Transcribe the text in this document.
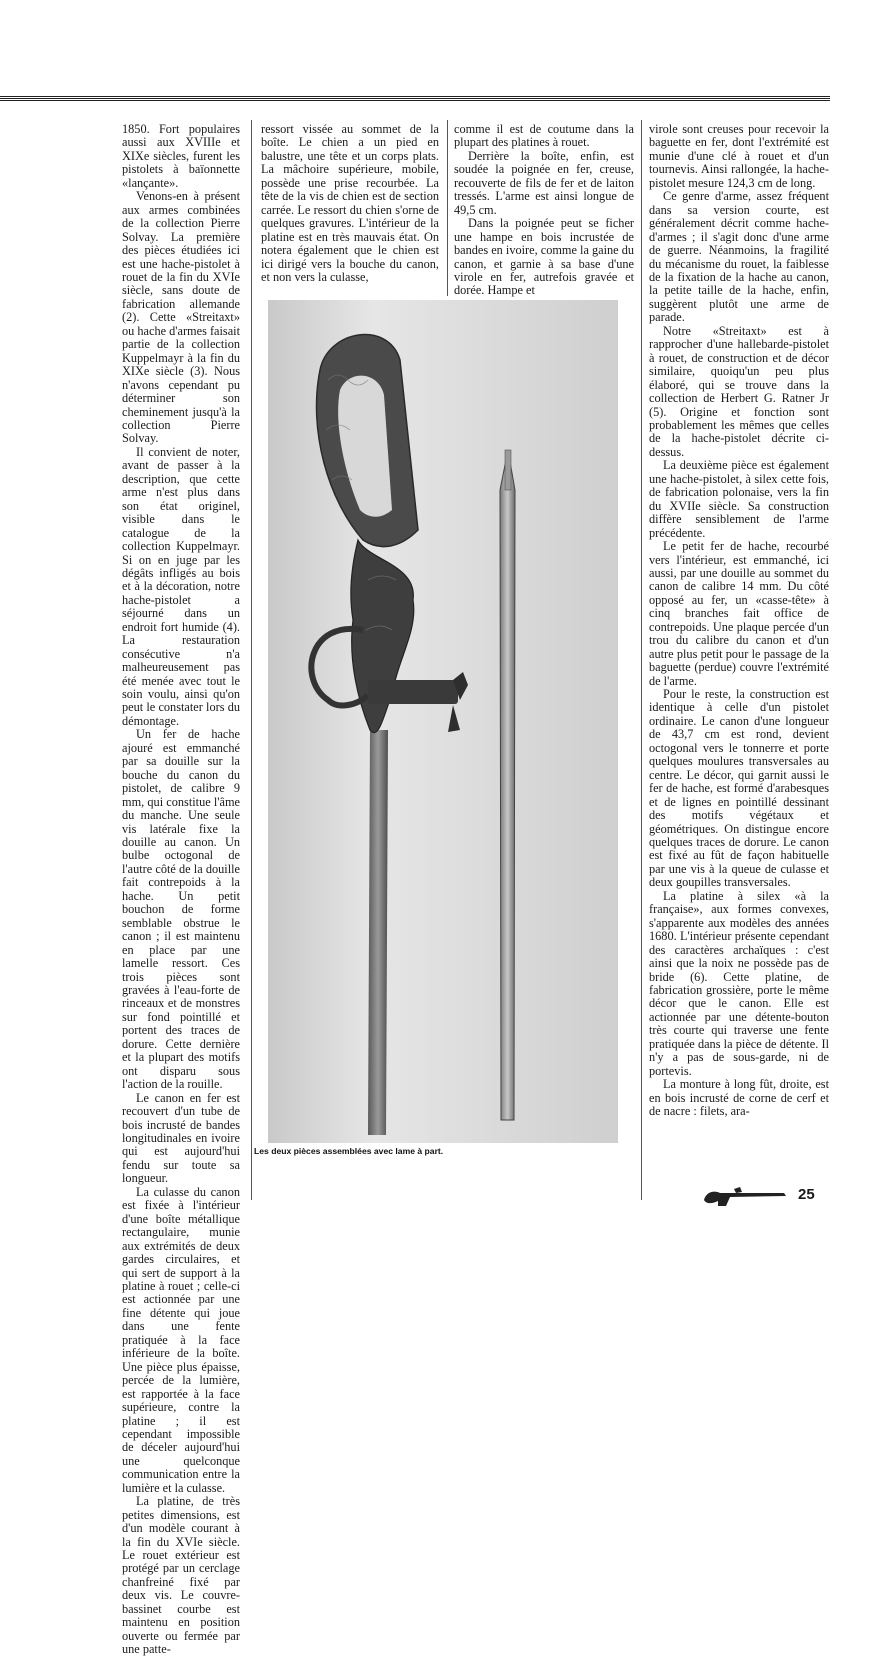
1850. Fort populaires aussi aux XVIIIe et XIXe siècles, furent les pistolets à baïonnette «lançante».

Venons-en à présent aux armes combinées de la collection Pierre Solvay. La première des pièces étudiées ici est une hache-pistolet à rouet de la fin du XVIe siècle, sans doute de fabrication allemande (2). Cette «Streitaxt» ou hache d'armes faisait partie de la collection Kuppelmayr à la fin du XIXe siècle (3). Nous n'avons cependant pu déterminer son cheminement jusqu'à la collection Pierre Solvay.

Il convient de noter, avant de passer à la description, que cette arme n'est plus dans son état originel, visible dans le catalogue de la collection Kuppelmayr. Si on en juge par les dégâts infligés au bois et à la décoration, notre hache-pistolet a séjourné dans un endroit fort humide (4). La restauration consécutive n'a malheureusement pas été menée avec tout le soin voulu, ainsi qu'on peut le constater lors du démontage.

Un fer de hache ajouré est emmanché par sa douille sur la bouche du canon du pistolet, de calibre 9 mm, qui constitue l'âme du manche. Une seule vis latérale fixe la douille au canon. Un bulbe octogonal de l'autre côté de la douille fait contrepoids à la hache. Un petit bouchon de forme semblable obstrue le canon ; il est maintenu en place par une lamelle ressort. Ces trois pièces sont gravées à l'eau-forte de rinceaux et de monstres sur fond pointillé et portent des traces de dorure. Cette dernière et la plupart des motifs ont disparu sous l'action de la rouille.

Le canon en fer est recouvert d'un tube de bois incrusté de bandes longitudinales en ivoire qui est aujourd'hui fendu sur toute sa longueur.

La culasse du canon est fixée à l'intérieur d'une boîte métallique rectangulaire, munie aux extrémités de deux gardes circulaires, et qui sert de support à la platine à rouet ; celle-ci est actionnée par une fine détente qui joue dans une fente pratiquée à la face inférieure de la boîte. Une pièce plus épaisse, percée de la lumière, est rapportée à la face supérieure, contre la platine ; il est cependant impossible de déceler aujourd'hui une quelconque communication entre la lumière et la culasse.

La platine, de très petites dimensions, est d'un modèle courant à la fin du XVIe siècle. Le rouet extérieur est protégé par un cerclage chanfreiné fixé par deux vis. Le couvre-bassinet courbe est maintenu en position ouverte ou fermée par une patte-

ressort vissée au sommet de la boîte. Le chien a un pied en balustre, une tête et un corps plats. La mâchoire supérieure, mobile, possède une prise recourbée. La tête de la vis de chien est de section carrée. Le ressort du chien s'orne de quelques gravures. L'intérieur de la platine est en très mauvais état. On notera également que le chien est ici dirigé vers la bouche du canon, et non vers la culasse,

comme il est de coutume dans la plupart des platines à rouet.

Derrière la boîte, enfin, est soudée la poignée en fer, creuse, recouverte de fils de fer et de laiton tressés. L'arme est ainsi longue de 49,5 cm.

Dans la poignée peut se ficher une hampe en bois incrustée de bandes en ivoire, comme la gaine du canon, et garnie à sa base d'une virole en fer, autrefois gravée et dorée. Hampe et

virole sont creuses pour recevoir la baguette en fer, dont l'extrémité est munie d'une clé à rouet et d'un tournevis. Ainsi rallongée, la hache-pistolet mesure 124,3 cm de long.

Ce genre d'arme, assez fréquent dans sa version courte, est généralement décrit comme hache-d'armes ; il s'agit donc d'une arme de guerre. Néanmoins, la fragilité du mécanisme du rouet, la faiblesse de la fixation de la hache au canon, la petite taille de la hache, enfin, suggèrent plutôt une arme de parade.

Notre «Streitaxt» est à rapprocher d'une hallebarde-pistolet à rouet, de construction et de décor similaire, quoiqu'un peu plus élaboré, qui se trouve dans la collection de Herbert G. Ratner Jr (5). Origine et fonction sont probablement les mêmes que celles de la hache-pistolet décrite ci-dessus.

La deuxième pièce est également une hache-pistolet, à silex cette fois, de fabrication polonaise, vers la fin du XVIIe siècle. Sa construction diffère sensiblement de l'arme précédente.

Le petit fer de hache, recourbé vers l'intérieur, est emmanché, ici aussi, par une douille au sommet du canon de calibre 14 mm. Du côté opposé au fer, un «casse-tête» à cinq branches fait office de contrepoids. Une plaque percée d'un trou du calibre du canon et d'un autre plus petit pour le passage de la baguette (perdue) couvre l'extrémité de l'arme.

Pour le reste, la construction est identique à celle d'un pistolet ordinaire. Le canon d'une longueur de 43,7 cm est rond, devient octogonal vers le tonnerre et porte quelques moulures transversales au centre. Le décor, qui garnit aussi le fer de hache, est formé d'arabesques et de lignes en pointillé dessinant des motifs végétaux et géométriques. On distingue encore quelques traces de dorure. Le canon est fixé au fût de façon habituelle par une vis à la queue de culasse et deux goupilles transversales.

La platine à silex «à la française», aux formes convexes, s'apparente aux modèles des années 1680. L'intérieur présente cependant des caractères archaïques : c'est ainsi que la noix ne possède pas de bride (6). Cette platine, de fabrication grossière, porte le même décor que le canon. Elle est actionnée par une détente-bouton très courte qui traverse une fente pratiquée dans la pièce de détente. Il n'y a pas de sous-garde, ni de portevis.

La monture à long fût, droite, est en bois incrusté de corne de cerf et de nacre : filets, ara-

Les deux pièces assemblées avec lame à part.
25
